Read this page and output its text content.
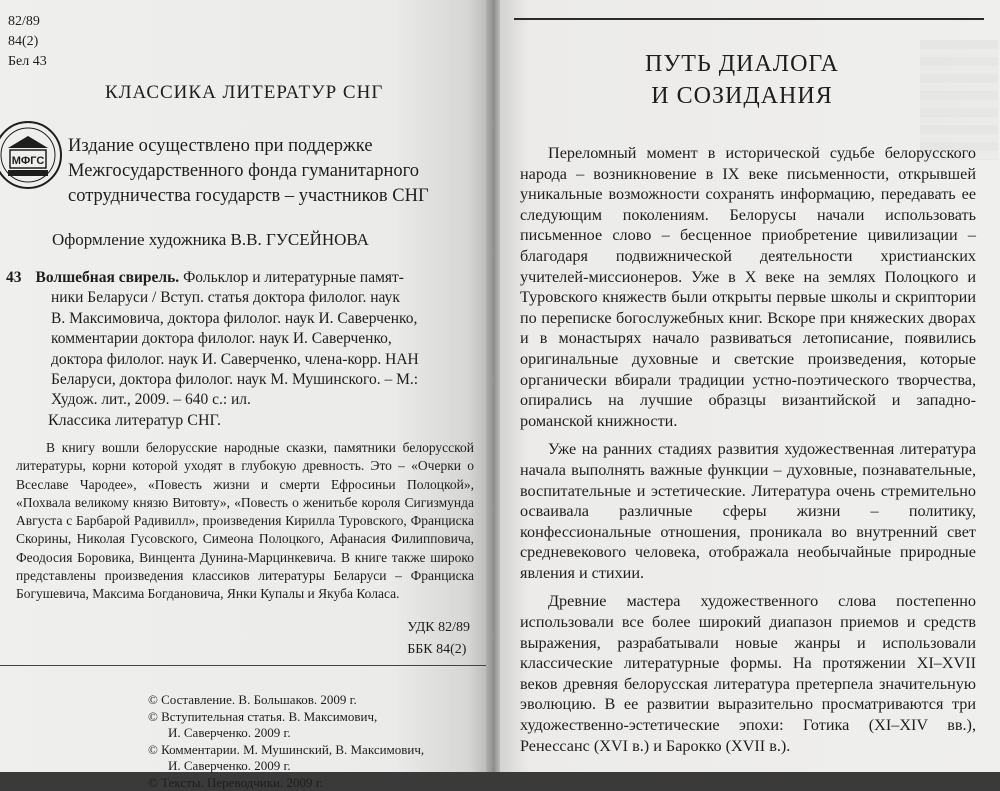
82/89
84(2)
Бел 43
КЛАССИКА ЛИТЕРАТУР СНГ
МФГС
Издание осуществлено при поддержке
Межгосударственного фонда гуманитарного
сотрудничества государств – участников СНГ
Оформление художника В.В. ГУСЕЙНОВА
43 Волшебная свирель. Фольклор и литературные памят-
ники Беларуси / Вступ. статья доктора филолог. наук
В. Максимовича, доктора филолог. наук И. Саверченко,
комментарии доктора филолог. наук И. Саверченко,
доктора филолог. наук И. Саверченко, члена-корр. НАН
Беларуси, доктора филолог. наук М. Мушинского. – М.:
Худож. лит., 2009. – 640 с.: ил.
Классика литератур СНГ.
В книгу вошли белорусские народные сказки, памятники белорусской литературы, корни которой уходят в глубокую древность. Это – «Очерки о Всеславе Чародее», «Повесть жизни и смерти Ефросиньи Полоцкой», «Похвала великому князю Витовту», «Повесть о женитьбе короля Сигизмунда Августа с Барбарой Радивилл», произведения Кирилла Туровского, Франциска Скорины, Николая Гусовского, Симеона Полоцкого, Афанасия Филипповича, Феодосия Боровика, Винцента Дунина-Марцинкевича. В книге также широко представлены произведения классиков литературы Беларуси – Франциска Богушевича, Максима Богдановича, Янки Купалы и Якуба Коласа.
УДК 82/89
ББК 84(2)
© Составление. В. Большаков. 2009 г.
© Вступительная статья. В. Максимович,
И. Саверченко. 2009 г.
© Комментарии. М. Мушинский, В. Максимович,
И. Саверченко. 2009 г.
© Тексты. Переводчики. 2009 г.
ПУТЬ ДИАЛОГА
И СОЗИДАНИЯ

Переломный момент в исторической судьбе белорусского народа – возникновение в IX веке письменности, открывшей уникальные возможности сохранять информацию, передавать ее следующим поколениям. Белорусы начали использовать письменное слово – бесценное приобретение цивилизации – благодаря подвижнической деятельности христианских учителей-миссионеров. Уже в X веке на землях Полоцкого и Туровского княжеств были открыты первые школы и скриптории по переписке богослужебных книг. Вскоре при княжеских дворах и в монастырях начало развиваться летописание, появились оригинальные духовные и светские произведения, которые органически вбирали традиции устно-поэтического творчества, опирались на лучшие образцы византийской и западно-романской книжности.

Уже на ранних стадиях развития художественная литература начала выполнять важные функции – духовные, познавательные, воспитательные и эстетические. Литература очень стремительно осваивала различные сферы жизни – политику, конфессиональные отношения, проникала во внутренний свет средневекового человека, отображала необычайные природные явления и стихии.

Древние мастера художественного слова постепенно использовали все более широкий диапазон приемов и средств выражения, разрабатывали новые жанры и использовали классические литературные формы. На протяжении XI–XVII веков древняя белорусская литература претерпела значительную эволюцию. В ее развитии выразительно просматриваются три художественно-эстетические эпохи: Готика (XI–XIV вв.), Ренессанс (XVI в.) и Барокко (XVII в.).
